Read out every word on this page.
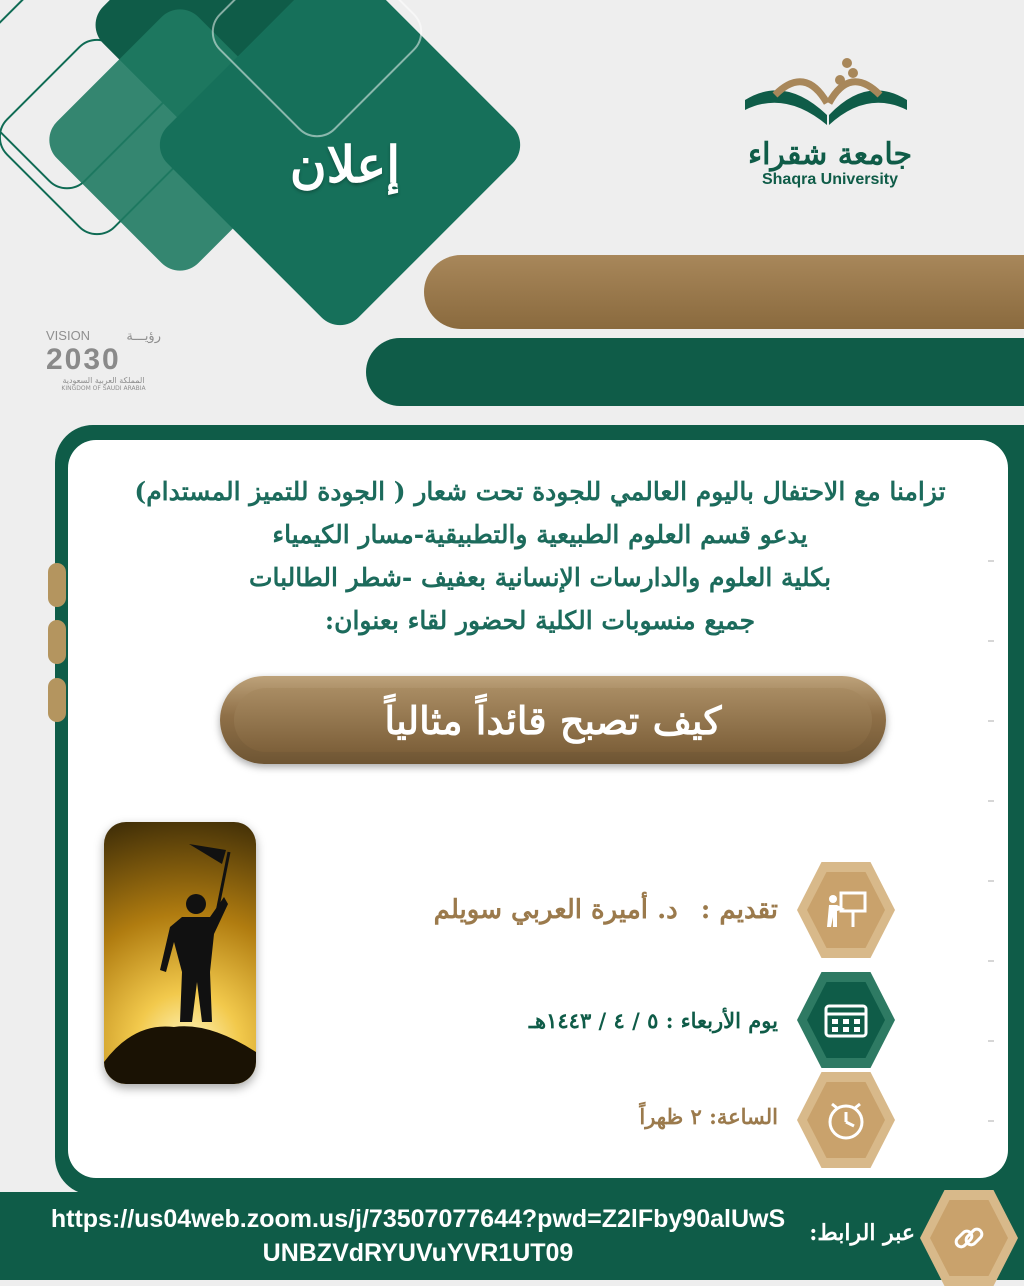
إعلان	جامعة شقراء
Shaqra University
VISION	رؤيـــة
2030
المملكة العربية السعودية
KINGDOM OF SAUDI ARABIA
تزامنا مع الاحتفال باليوم العالمي للجودة تحت شعار ( الجودة للتميز المستدام)
يدعو قسم العلوم الطبيعية والتطبيقية-مسار الكيمياء
بكلية العلوم والدارسات الإنسانية بعفيف -شطر الطالبات
جميع منسوبات الكلية لحضور لقاء بعنوان:
كيف تصبح قائداً مثالياً
تقديم : د. أميرة العربي سويلم
يوم الأربعاء : ٥ / ٤ / ١٤٤٣هـ
الساعة: ٢ ظهراً
https://us04web.zoom.us/j/73507077644?pwd=Z2lFby90alUwSUNBZVdRYUVuYVR1UT09
عبر الرابط:
